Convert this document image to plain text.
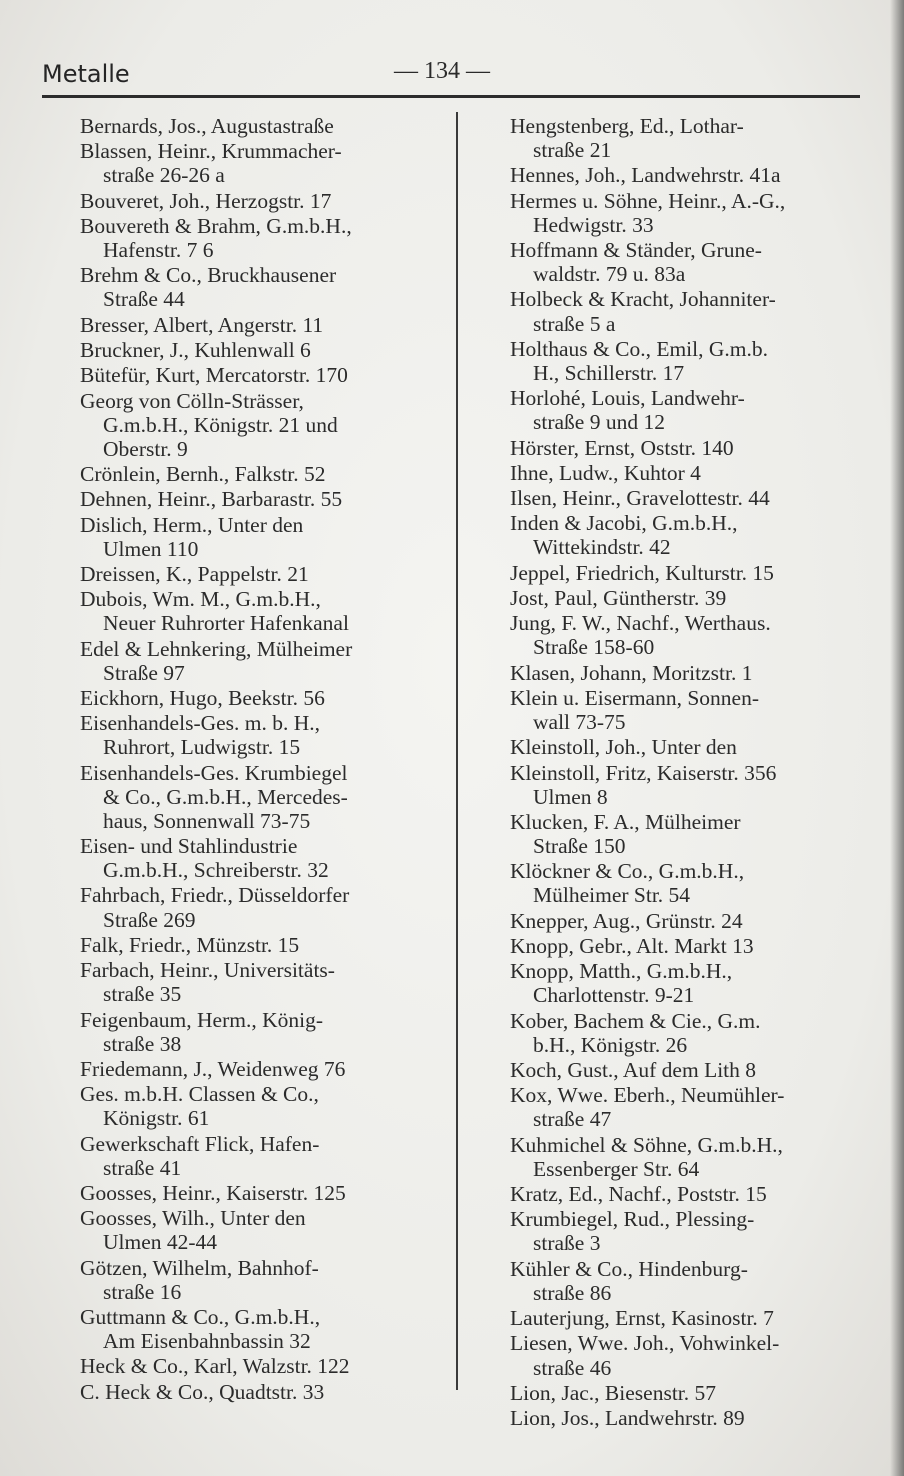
Metalle	— 134 —
Bernards, Jos., Augustastraße
Blassen, Heinr., Krummacher-
straße 26-26 a
Bouveret, Joh., Herzogstr. 17
Bouvereth & Brahm, G.m.b.H.,
Hafenstr. 7 6
Brehm & Co., Bruckhausener
Straße 44
Bresser, Albert, Angerstr. 11
Bruckner, J., Kuhlenwall 6
Bütefür, Kurt, Mercatorstr. 170
Georg von Cölln-Strässer,
G.m.b.H., Königstr. 21 und
Oberstr. 9
Crönlein, Bernh., Falkstr. 52
Dehnen, Heinr., Barbarastr. 55
Dislich, Herm., Unter den
Ulmen 110
Dreissen, K., Pappelstr. 21
Dubois, Wm. M., G.m.b.H.,
Neuer Ruhrorter Hafenkanal
Edel & Lehnkering, Mülheimer
Straße 97
Eickhorn, Hugo, Beekstr. 56
Eisenhandels-Ges. m. b. H.,
Ruhrort, Ludwigstr. 15
Eisenhandels-Ges. Krumbiegel
& Co., G.m.b.H., Mercedes-
haus, Sonnenwall 73-75
Eisen- und Stahlindustrie
G.m.b.H., Schreiberstr. 32
Fahrbach, Friedr., Düsseldorfer
Straße 269
Falk, Friedr., Münzstr. 15
Farbach, Heinr., Universitäts-
straße 35
Feigenbaum, Herm., König-
straße 38
Friedemann, J., Weidenweg 76
Ges. m.b.H. Classen & Co.,
Königstr. 61
Gewerkschaft Flick, Hafen-
straße 41
Goosses, Heinr., Kaiserstr. 125
Goosses, Wilh., Unter den
Ulmen 42-44
Götzen, Wilhelm, Bahnhof-
straße 16
Guttmann & Co., G.m.b.H.,
Am Eisenbahnbassin 32
Heck & Co., Karl, Walzstr. 122
C. Heck & Co., Quadtstr. 33
Hengstenberg, Ed., Lothar-
straße 21
Hennes, Joh., Landwehrstr. 41a
Hermes u. Söhne, Heinr., A.-G.,
Hedwigstr. 33
Hoffmann & Ständer, Grune-
waldstr. 79 u. 83a
Holbeck & Kracht, Johanniter-
straße 5 a
Holthaus & Co., Emil, G.m.b.
H., Schillerstr. 17
Horlohé, Louis, Landwehr-
straße 9 und 12
Hörster, Ernst, Oststr. 140
Ihne, Ludw., Kuhtor 4
Ilsen, Heinr., Gravelottestr. 44
Inden & Jacobi, G.m.b.H.,
Wittekindstr. 42
Jeppel, Friedrich, Kulturstr. 15
Jost, Paul, Güntherstr. 39
Jung, F. W., Nachf., Werthaus.
Straße 158-60
Klasen, Johann, Moritzstr. 1
Klein u. Eisermann, Sonnen-
wall 73-75
Kleinstoll, Joh., Unter den
Kleinstoll, Fritz, Kaiserstr. 356
Ulmen 8
Klucken, F. A., Mülheimer
Straße 150
Klöckner & Co., G.m.b.H.,
Mülheimer Str. 54
Knepper, Aug., Grünstr. 24
Knopp, Gebr., Alt. Markt 13
Knopp, Matth., G.m.b.H.,
Charlottenstr. 9-21
Kober, Bachem & Cie., G.m.
b.H., Königstr. 26
Koch, Gust., Auf dem Lith 8
Kox, Wwe. Eberh., Neumühler-
straße 47
Kuhmichel & Söhne, G.m.b.H.,
Essenberger Str. 64
Kratz, Ed., Nachf., Poststr. 15
Krumbiegel, Rud., Plessing-
straße 3
Kühler & Co., Hindenburg-
straße 86
Lauterjung, Ernst, Kasinostr. 7
Liesen, Wwe. Joh., Vohwinkel-
straße 46
Lion, Jac., Biesenstr. 57
Lion, Jos., Landwehrstr. 89
